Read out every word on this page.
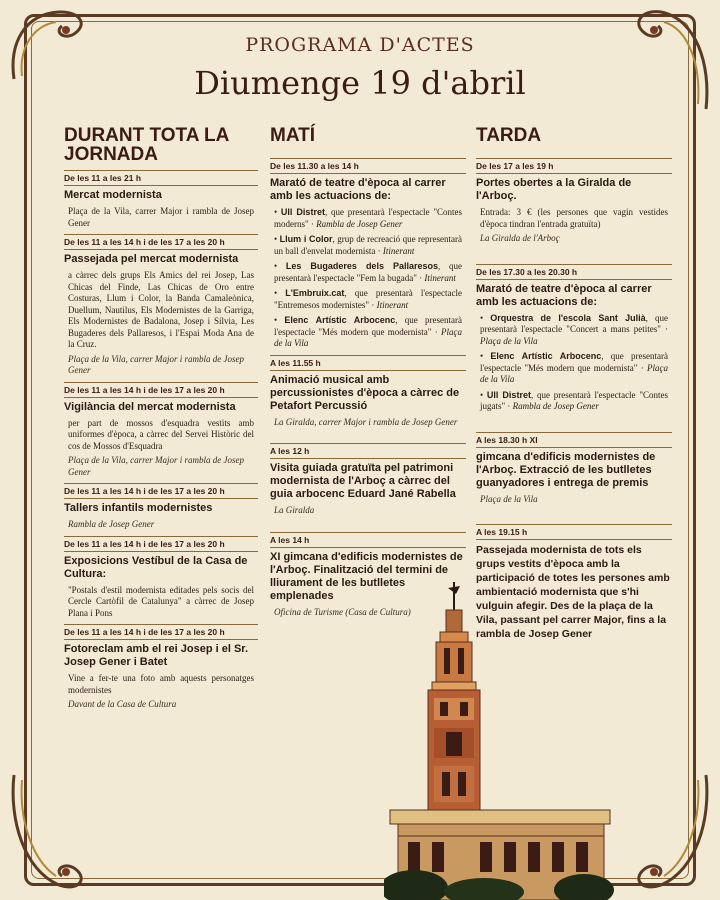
PROGRAMA D'ACTES
Diumenge 19 d'abril
DURANT TOTA LA JORNADA
De les 11 a les 21 h
Mercat modernista
Plaça de la Vila, carrer Major i rambla de Josep Gener
De les 11 a les 14 h i de les 17 a les 20 h
Passejada pel mercat modernista
a càrrec dels grups Els Amics del rei Josep, Las Chicas del Finde, Las Chicas de Oro entre Costuras, Llum i Color, la Banda Camaleònica, Duellum, Nautilus, Els Modernistes de la Garriga, Els Modernistes de Badalona, Josep i Sílvia, Les Bugaderes dels Pallaresos, i l'Espai Moda Ana de la Cruz.
Plaça de la Vila, carrer Major i rambla de Josep Gener
De les 11 a les 14 h i de les 17 a les 20 h
Vigilància del mercat modernista
per part de mossos d'esquadra vestits amb uniformes d'època, a càrrec del Servei Històric del cos de Mossos d'Esquadra
Plaça de la Vila, carrer Major i rambla de Josep Gener
De les 11 a les 14 h i de les 17 a les 20 h
Tallers infantils modernistes
Rambla de Josep Gener
De les 11 a les 14 h i de les 17 a les 20 h
Exposicions Vestíbul de la Casa de Cultura:
"Postals d'estil modernista editades pels socis del Cercle Cartòfil de Catalunya" a càrrec de Josep Plana i Pons
De les 11 a les 14 h i de les 17 a les 20 h
Fotoreclam amb el rei Josep i el Sr. Josep Gener i Batet
Vine a fer-te una foto amb aquests personatges modernistes
Davant de la Casa de Cultura
MATÍ
De les 11.30 a les 14 h
Marató de teatre d'època al carrer amb les actuacions de:
• Ull Distret, que presentarà l'espectacle "Contes moderns" · Rambla de Josep Gener
• Llum i Color, grup de recreació que representarà un ball d'envelat modernista · Itinerant
• Les Bugaderes dels Pallaresos, que presentarà l'espectacle "Fem la bugada" · Itinerant
• L'Embruix.cat, que presentarà l'espectacle "Entremesos modernistes" · Itinerant
• Elenc Artístic Arbocenc, que presentarà l'espectacle "Més modern que modernista" · Plaça de la Vila
A les 11.55 h
Animació musical amb percussionistes d'època a càrrec de Petafort Percussió
La Giralda, carrer Major i rambla de Josep Gener
A les 12 h
Visita guiada gratuïta pel patrimoni modernista de l'Arboç a càrrec del guia arbocenc Eduard Jané Rabella
La Giralda
A les 14 h
XI gimcana d'edificis modernistes de l'Arboç. Finalització del termini de lliurament de les butlletes emplenades
Oficina de Turisme (Casa de Cultura)
TARDA
De les 17 a les 19 h
Portes obertes a la Giralda de l'Arboç.
Entrada: 3 € (les persones que vagin vestides d'època tindran l'entrada gratuïta)
La Giralda de l'Arboç
De les 17.30 a les 20.30 h
Marató de teatre d'època al carrer amb les actuacions de:
• Orquestra de l'escola Sant Julià, que presentarà l'espectacle "Concert a mans petites" · Plaça de la Vila
• Elenc Artístic Arbocenc, que presentarà l'espectacle "Més modern que modernista" · Plaça de la Vila
• Ull Distret, que presentarà l'espectacle "Contes jugats" · Rambla de Josep Gener
A les 18.30 h XI
gimcana d'edificis modernistes de l'Arboç. Extracció de les butlletes guanyadores i entrega de premis
Plaça de la Vila
A les 19.15 h
Passejada modernista de tots els grups vestits d'època amb la participació de totes les persones amb ambientació modernista que s'hi vulguin afegir. Des de la plaça de la Vila, passant pel carrer Major, fins a la rambla de Josep Gener
